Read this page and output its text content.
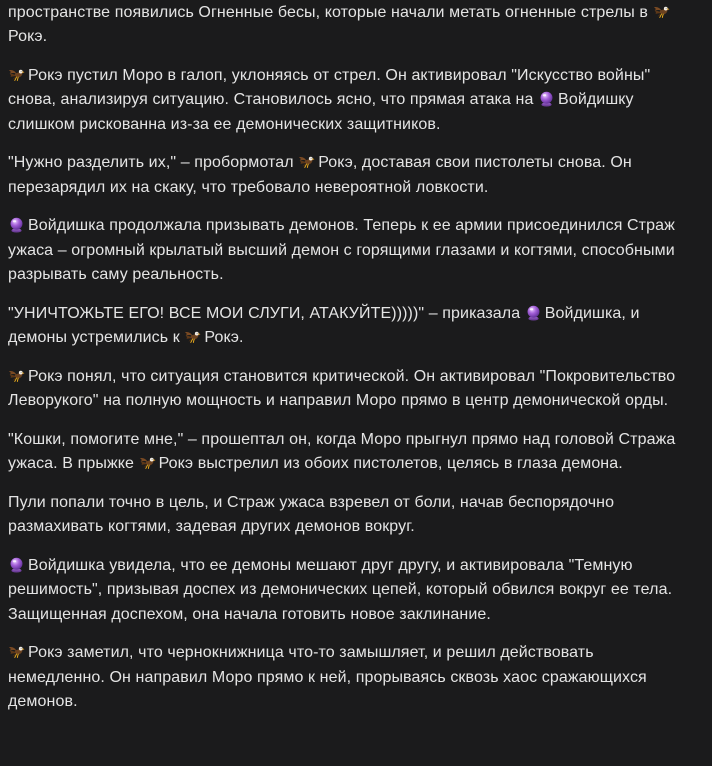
пространстве появились Огненные бесы, которые начали метать огненные стрелы в
Рокэ.

Рокэ пустил Моро в галоп, уклоняясь от стрел. Он активировал "Искусство войны" снова, анализируя ситуацию. Становилось ясно, что прямая атака на
Войдишку слишком рискованна из-за ее демонических защитников.

"Нужно разделить их," – пробормотал
Рокэ, доставая свои пистолеты снова. Он перезарядил их на скаку, что требовало невероятной ловкости.

Войдишка продолжала призывать демонов. Теперь к ее армии присоединился Страж ужаса – огромный крылатый высший демон с горящими глазами и когтями, способными разрывать саму реальность.

"УНИЧТОЖЬТЕ ЕГО! ВСЕ МОИ СЛУГИ, АТАКУЙТЕ)))))" – приказала
Войдишка, и демоны устремились к
Рокэ.

Рокэ понял, что ситуация становится критической. Он активировал "Покровительство Леворукого" на полную мощность и направил Моро прямо в центр демонической орды.

"Кошки, помогите мне," – прошептал он, когда Моро прыгнул прямо над головой Стража ужаса. В прыжке
Рокэ выстрелил из обоих пистолетов, целясь в глаза демона.

Пули попали точно в цель, и Страж ужаса взревел от боли, начав беспорядочно размахивать когтями, задевая других демонов вокруг.

Войдишка увидела, что ее демоны мешают друг другу, и активировала "Темную решимость", призывая доспех из демонических цепей, который обвился вокруг ее тела. Защищенная доспехом, она начала готовить новое заклинание.

Рокэ заметил, что чернокнижница что-то замышляет, и решил действовать немедленно. Он направил Моро прямо к ней, прорываясь сквозь хаос сражающихся демонов.
